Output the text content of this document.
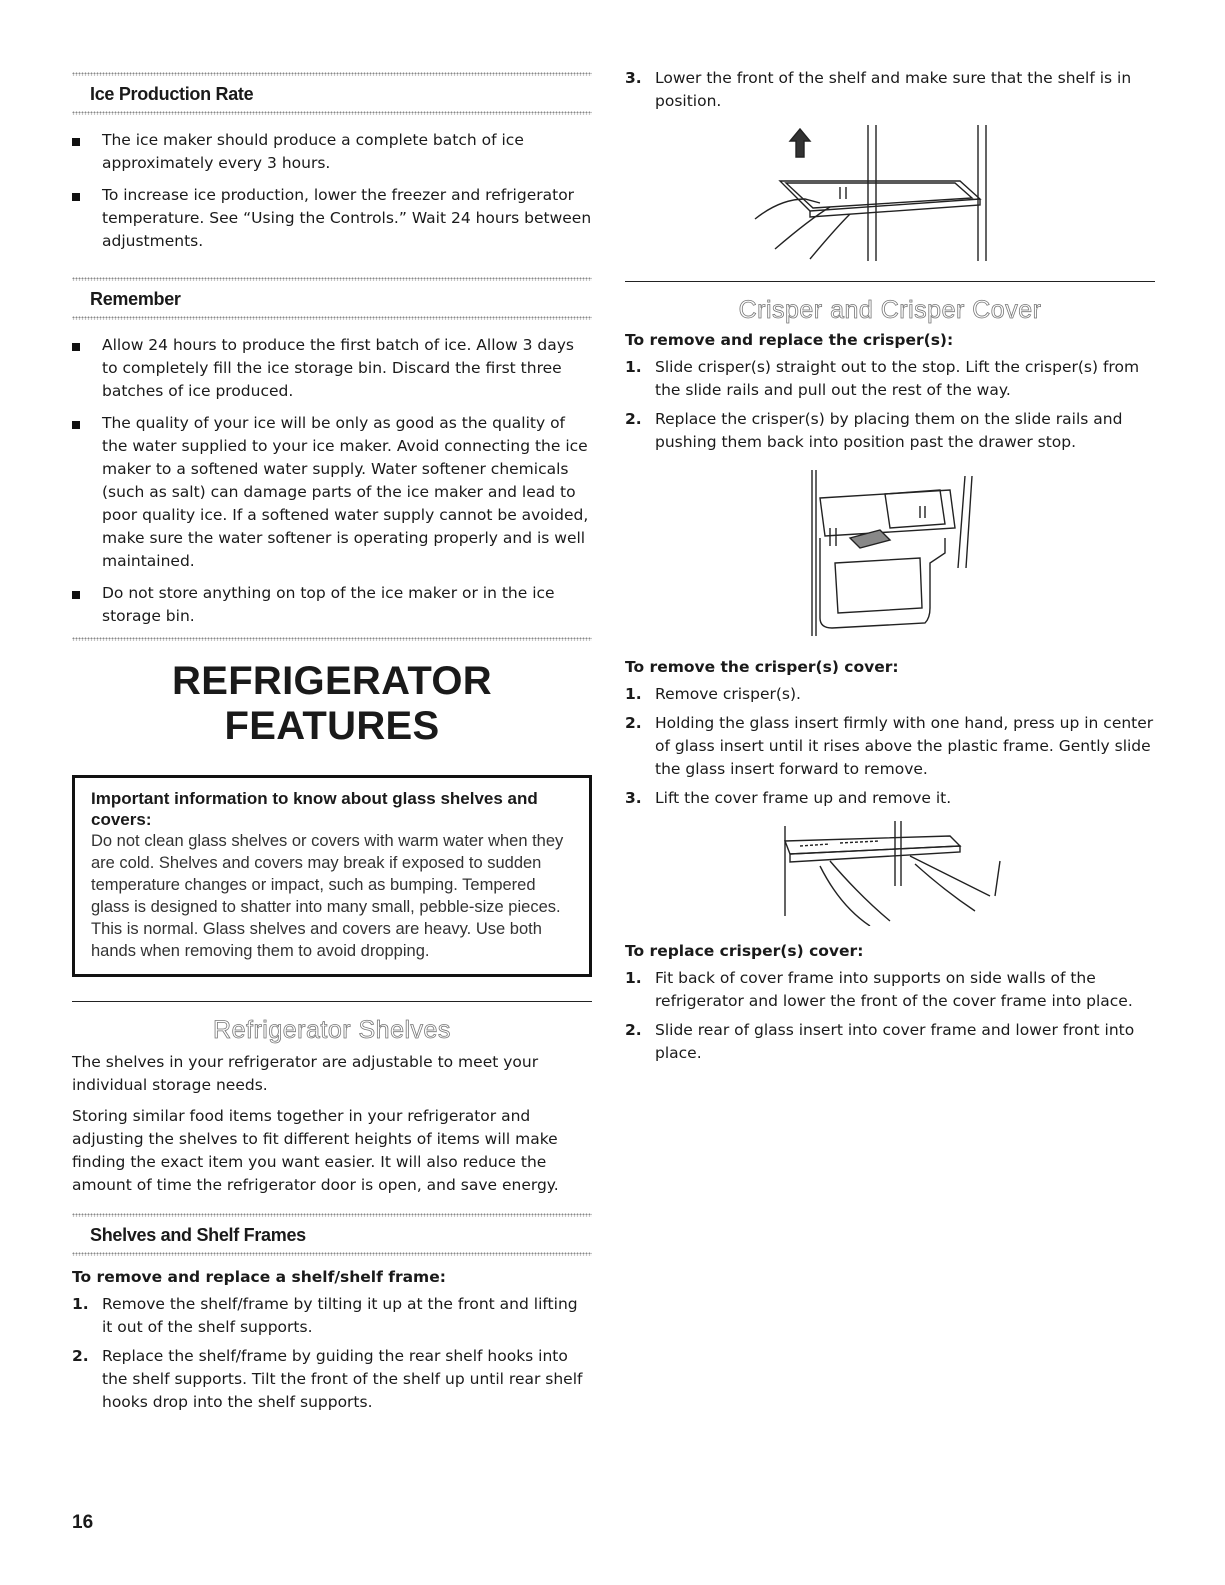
Ice Production Rate
The ice maker should produce a complete batch of ice approximately every 3 hours.
To increase ice production, lower the freezer and refrigerator temperature. See “Using the Controls.” Wait 24 hours between adjustments.
Remember
Allow 24 hours to produce the first batch of ice. Allow 3 days to completely fill the ice storage bin. Discard the first three batches of ice produced.
The quality of your ice will be only as good as the quality of the water supplied to your ice maker. Avoid connecting the ice maker to a softened water supply. Water softener chemicals (such as salt) can damage parts of the ice maker and lead to poor quality ice. If a softened water supply cannot be avoided, make sure the water softener is operating properly and is well maintained.
Do not store anything on top of the ice maker or in the ice storage bin.
REFRIGERATOR FEATURES
Important information to know about glass shelves and covers:
Do not clean glass shelves or covers with warm water when they are cold. Shelves and covers may break if exposed to sudden temperature changes or impact, such as bumping. Tempered glass is designed to shatter into many small, pebble-size pieces. This is normal. Glass shelves and covers are heavy. Use both hands when removing them to avoid dropping.
Refrigerator Shelves

The shelves in your refrigerator are adjustable to meet your individual storage needs.

Storing similar food items together in your refrigerator and adjusting the shelves to fit different heights of items will make finding the exact item you want easier. It will also reduce the amount of time the refrigerator door is open, and save energy.

Shelves and Shelf Frames
To remove and replace a shelf/shelf frame:
1. Remove the shelf/frame by tilting it up at the front and lifting it out of the shelf supports.
2. Replace the shelf/frame by guiding the rear shelf hooks into the shelf supports. Tilt the front of the shelf up until rear shelf hooks drop into the shelf supports.
16
3. Lower the front of the shelf and make sure that the shelf is in position.
Crisper and Crisper Cover
To remove and replace the crisper(s):
1. Slide crisper(s) straight out to the stop. Lift the crisper(s) from the slide rails and pull out the rest of the way.
2. Replace the crisper(s) by placing them on the slide rails and pushing them back into position past the drawer stop.
To remove the crisper(s) cover:
1. Remove crisper(s).
2. Holding the glass insert firmly with one hand, press up in center of glass insert until it rises above the plastic frame. Gently slide the glass insert forward to remove.
3. Lift the cover frame up and remove it.
To replace crisper(s) cover:
1. Fit back of cover frame into supports on side walls of the refrigerator and lower the front of the cover frame into place.
2. Slide rear of glass insert into cover frame and lower front into place.
